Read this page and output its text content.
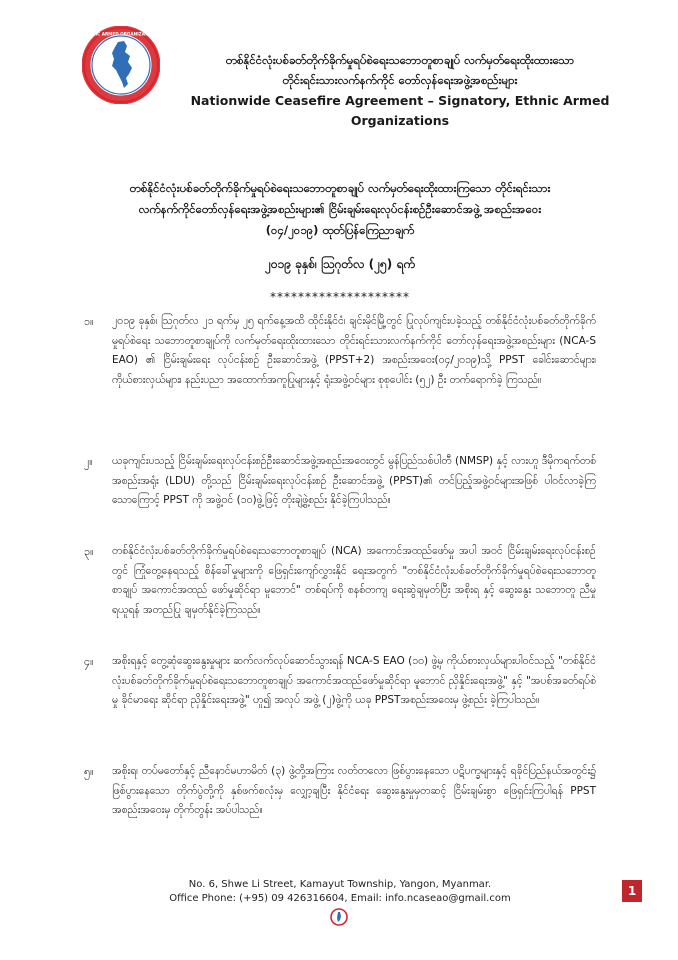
ETHNIC ARMED ORGANIZATIONS
တစ်နိုင်ငံလုံးပစ်ခတ်တိုက်ခိုက်မှုရပ်စဲရေးသဘောတူစာချုပ် လက်မှတ်ရေးထိုးထားသော
တိုင်းရင်းသားလက်နက်ကိုင် တော်လှန်ရေးအဖွဲ့အစည်းများ
Nationwide Ceasefire Agreement – Signatory, Ethnic Armed
Organizations
တစ်နိုင်ငံလုံးပစ်ခတ်တိုက်ခိုက်မှုရပ်စဲရေးသဘောတူစာချုပ် လက်မှတ်ရေးထိုးထားကြသော တိုင်းရင်းသား
လက်နက်ကိုင်တော်လှန်ရေးအဖွဲ့အစည်းများ၏ ငြိမ်းချမ်းရေးလုပ်ငန်းစဉ်ဦးဆောင်အဖွဲ့ အစည်းအဝေး
(၀၄/၂၀၁၉) ထုတ်ပြန်ကြေညာချက်
၂၀၁၉ ခုနှစ်၊ ဩဂုတ်လ (၂၅) ရက်
********************
၁။	၂၀၁၉ ခုနှစ်၊ ဩဂုတ်လ ၂၁ ရက်မှ ၂၅ ရက်နေ့အထိ ထိုင်းနိုင်ငံ၊ ချင်းမိုင်မြို့တွင် ပြုလုပ်ကျင်းပခဲ့သည့် တစ်နိုင်ငံလုံးပစ်ခတ်တိုက်ခိုက်မှုရပ်စဲရေး သဘောတူစာချုပ်ကို လက်မှတ်ရေးထိုးထားသော တိုင်းရင်းသားလက်နက်ကိုင် တော်လှန်ရေးအဖွဲ့အစည်းများ (NCA-S EAO) ၏ ငြိမ်းချမ်းရေး လုပ်ငန်းစဉ် ဦးဆောင်အဖွဲ့ (PPST+2) အစည်းအဝေး(၀၄/၂၀၁၉)သို့ PPST ခေါင်းဆောင်များ၊ ကိုယ်စားလှယ်များ၊ နည်းပညာ အထောက်အကူပြုများနှင့် ရုံးအဖွဲ့ဝင်များ စုစုပေါင်း (၅၂) ဦး တက်ရောက်ခဲ့ ကြသည်။
၂။	ယခုကျင်းပသည့် ငြိမ်းချမ်းရေးလုပ်ငန်းစဉ်ဦးဆောင်အဖွဲ့အစည်းအဝေးတွင် မွန်ပြည်သစ်ပါတီ (NMSP) နှင့် လားဟူ ဒီမိုကရက်တစ်အစည်းအရုံး (LDU) တို့သည် ငြိမ်းချမ်းရေးလုပ်ငန်းစဉ် ဦးဆောင်အဖွဲ့ (PPST)၏ တင်ပြည့်အဖွဲ့ဝင်များအဖြစ် ပါဝင်လာခဲ့ကြသောကြောင့် PPST ကို အဖွဲ့ဝင် (၁၀)ဖွဲ့ဖြင့် တိုးချဲ့ဖွဲ့စည်း နိုင်ခဲ့ကြပါသည်။
၃။	တစ်နိုင်ငံလုံးပစ်ခတ်တိုက်ခိုက်မှုရပ်စဲရေးသဘောတူစာချုပ် (NCA) အကောင်အထည်ဖော်မှု အပါ အဝင် ငြိမ်းချမ်းရေးလုပ်ငန်းစဉ်တွင် ကြုံတွေ့နေရသည့် စိန်ခေါ်မှုများကို ဖြေရှင်းကျော်လွှားနိုင် ရေးအတွက် "တစ်နိုင်ငံလုံးပစ်ခတ်တိုက်ခိုက်မှုရပ်စဲရေးသဘောတူစာချုပ် အကောင်အထည် ဖော်မှုဆိုင်ရာ မူဘောင်" တစ်ရပ်ကို စနစ်တကျ ရေးဆွဲချမှတ်ပြီး အစိုးရ နှင့် ဆွေးနွေး သဘောတူ ညီမှု ရယူရန် အတည်ပြု ချမှတ်နိုင်ခဲ့ကြသည်။
၄။	အစိုးရနှင့် တွေ့ဆုံဆွေးနွေးမှုများ ဆက်လက်လုပ်ဆောင်သွားရန် NCA-S EAO (၁၀) ဖွဲ့မှ ကိုယ်စားလှယ်များပါဝင်သည့် "တစ်နိုင်ငံလုံးပစ်ခတ်တိုက်ခိုက်မှုရပ်စဲရေးသဘောတူစာချုပ် အကောင်အထည်ဖော်မှုဆိုင်ရာ မူဘောင် ညှိနှိုင်းရေးအဖွဲ့" နှင့် "အပစ်အခတ်ရပ်စဲမှု ခိုင်မာရေး ဆိုင်ရာ ညှိနှိုင်းရေးအဖွဲ့" ဟူ၍ အလုပ် အဖွဲ့ (၂)ဖွဲ့ကို ယခု PPSTအစည်းအဝေးမှ ဖွဲ့စည်း ခဲ့ကြပါသည်။
၅။	အစိုးရ၊ တပ်မတော်နှင့် ညီနောင်မဟာမိတ် (၃) ဖွဲ့တို့အကြား လတ်တလော ဖြစ်ပွားနေသော ပဋိပက္ခများနှင့် ရခိုင်ပြည်နယ်အတွင်း၌ ဖြစ်ပွားနေသော တိုက်ပွဲတို့ကို နှစ်ဖက်စလုံးမှ လျှော့ချပြီး နိုင်ငံရေး ဆွေးနွေးမှုမှတဆင့် ငြိမ်းချမ်းစွာ ဖြေရှင်းကြပါရန် PPST အစည်းအဝေးမှ တိုက်တွန်း အပ်ပါသည်။
No. 6, Shwe Li Street, Kamayut Township, Yangon, Myanmar.
Office Phone: (+95) 09 426316604, Email: info.ncaseao@gmail.com
1
